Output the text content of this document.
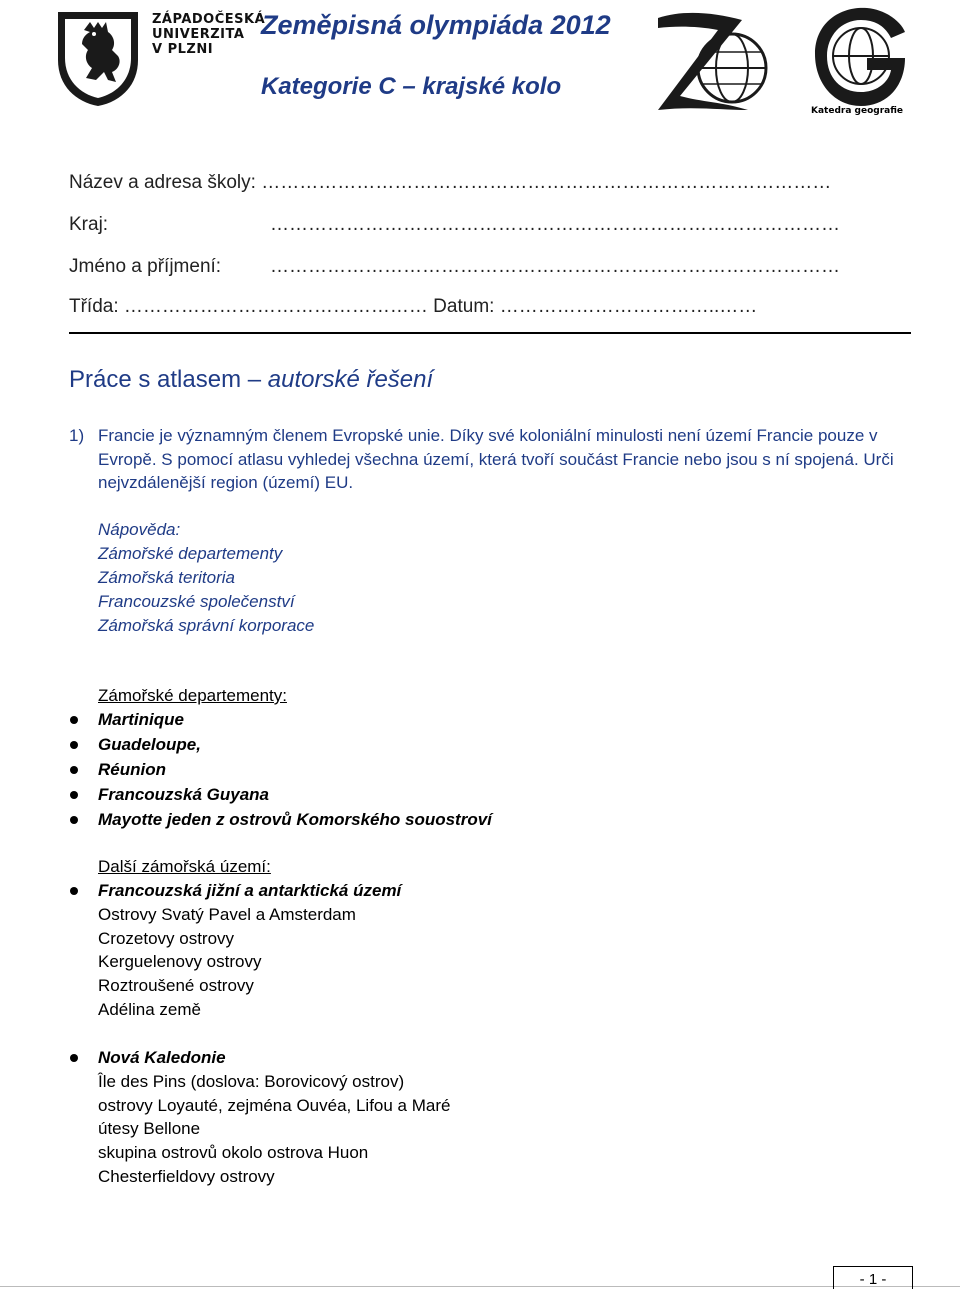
ZÁPADOČESKÁ
UNIVERZITA
V PLZNI
Zeměpisná olympiáda 2012
Kategorie C – krajské kolo
Katedra geografie
Název a adresa školy: ………………………………………………………………………………
Kraj:	………………………………………………………………………………
Jméno a příjmení:	………………………………………………………………………………
Třída: ………………………………………… Datum: ……………………………..……
Práce s atlasem – autorské řešení
1) Francie je významným členem Evropské unie. Díky své koloniální minulosti není území Francie pouze v Evropě. S pomocí atlasu vyhledej všechna území, která tvoří součást Francie nebo jsou s ní spojená. Urči nejvzdálenější region (území) EU.
Nápověda:
Zámořské departementy
Zámořská teritoria
Francouzské společenství
Zámořská správní korporace
Zámořské departementy:
Martinique
Guadeloupe,
Réunion
Francouzská Guyana
Mayotte jeden z ostrovů Komorského souostroví
Další zámořská území:
Francouzská jižní a antarktická území
Ostrovy Svatý Pavel a Amsterdam
Crozetovy ostrovy
Kerguelenovy ostrovy
Roztroušené ostrovy
Adélina země
Nová Kaledonie
Île des Pins (doslova: Borovicový ostrov)
ostrovy Loyauté, zejména Ouvéa, Lifou a Maré
útesy Bellone
skupina ostrovů okolo ostrova Huon
Chesterfieldovy ostrovy
- 1 -
